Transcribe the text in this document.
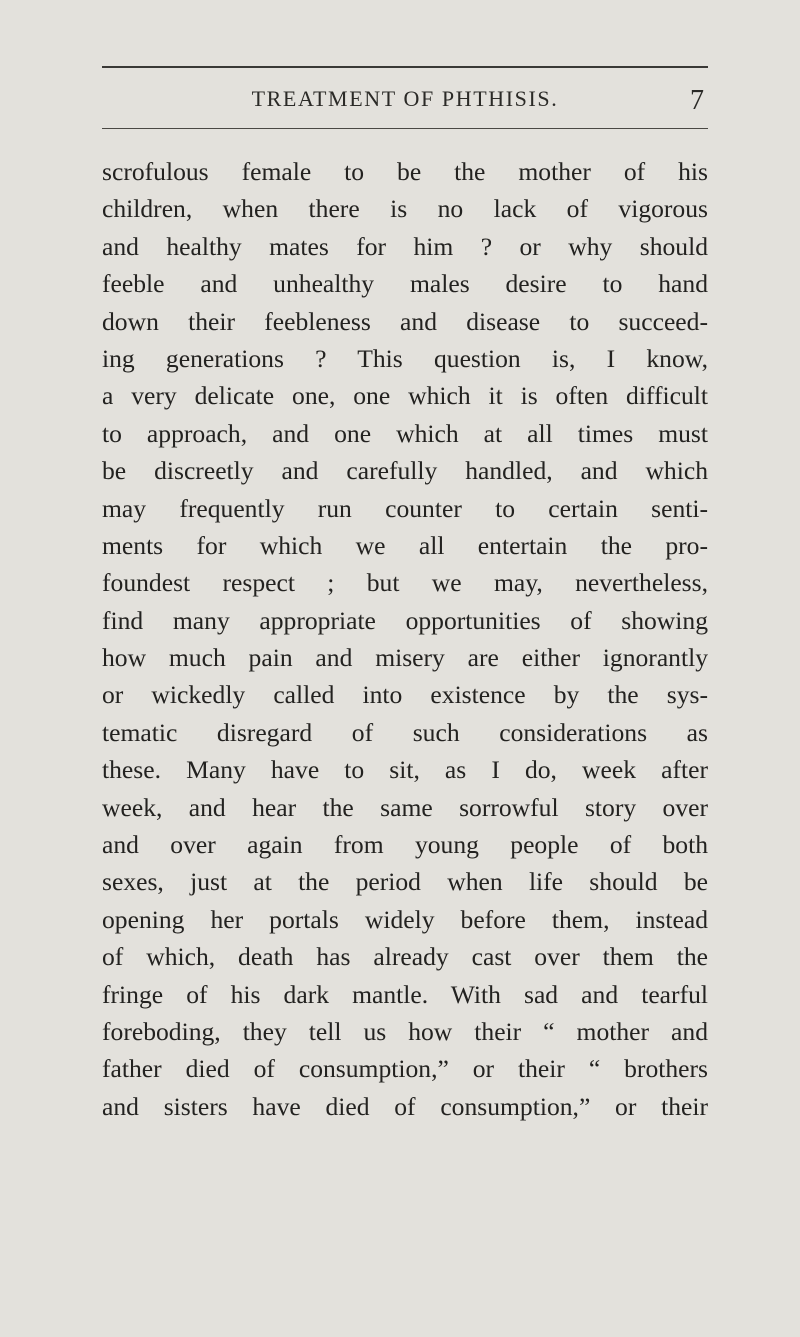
TREATMENT OF PHTHISIS.	7
scrofulous female to be the mother of his
children, when there is no lack of vigorous
and healthy mates for him ? or why should
feeble and unhealthy males desire to hand
down their feebleness and disease to succeed-
ing generations ? This question is, I know,
a very delicate one, one which it is often difficult
to approach, and one which at all times must
be discreetly and carefully handled, and which
may frequently run counter to certain senti-
ments for which we all entertain the pro-
foundest respect ; but we may, nevertheless,
find many appropriate opportunities of showing
how much pain and misery are either ignorantly
or wickedly called into existence by the sys-
tematic disregard of such considerations as
these. Many have to sit, as I do, week after
week, and hear the same sorrowful story over
and over again from young people of both
sexes, just at the period when life should be
opening her portals widely before them, instead
of which, death has already cast over them the
fringe of his dark mantle. With sad and tearful
foreboding, they tell us how their “ mother and
father died of consumption,” or their “ brothers
and sisters have died of consumption,” or their
